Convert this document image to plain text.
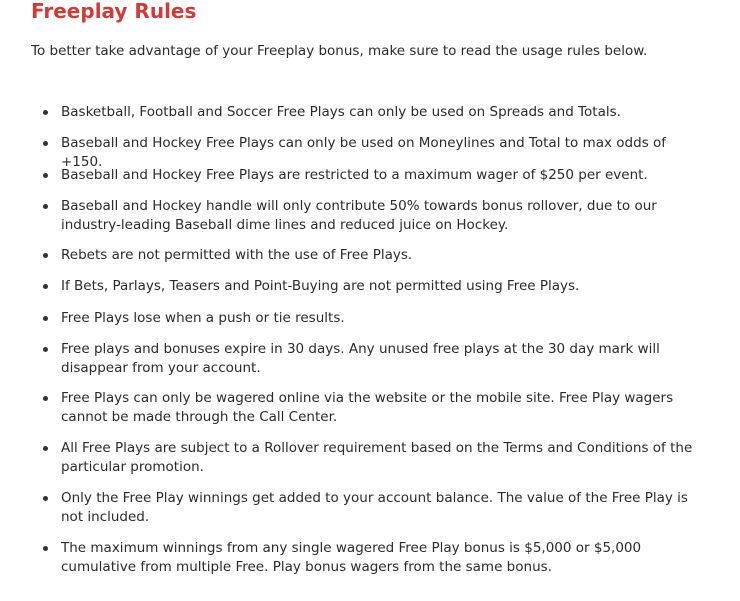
Freeplay Rules

To better take advantage of your Freeplay bonus, make sure to read the usage rules below.

Basketball, Football and Soccer Free Plays can only be used on Spreads and Totals.
Baseball and Hockey Free Plays can only be used on Moneylines and Total to max odds of +150.
Baseball and Hockey Free Plays are restricted to a maximum wager of $250 per event.
Baseball and Hockey handle will only contribute 50% towards bonus rollover, due to our industry-leading Baseball dime lines and reduced juice on Hockey.
Rebets are not permitted with the use of Free Plays.
If Bets, Parlays, Teasers and Point-Buying are not permitted using Free Plays.
Free Plays lose when a push or tie results.
Free plays and bonuses expire in 30 days. Any unused free plays at the 30 day mark will disappear from your account.
Free Plays can only be wagered online via the website or the mobile site. Free Play wagers cannot be made through the Call Center.
All Free Plays are subject to a Rollover requirement based on the Terms and Conditions of the particular promotion.
Only the Free Play winnings get added to your account balance. The value of the Free Play is not included.
The maximum winnings from any single wagered Free Play bonus is $5,000 or $5,000 cumulative from multiple Free. Play bonus wagers from the same bonus.
